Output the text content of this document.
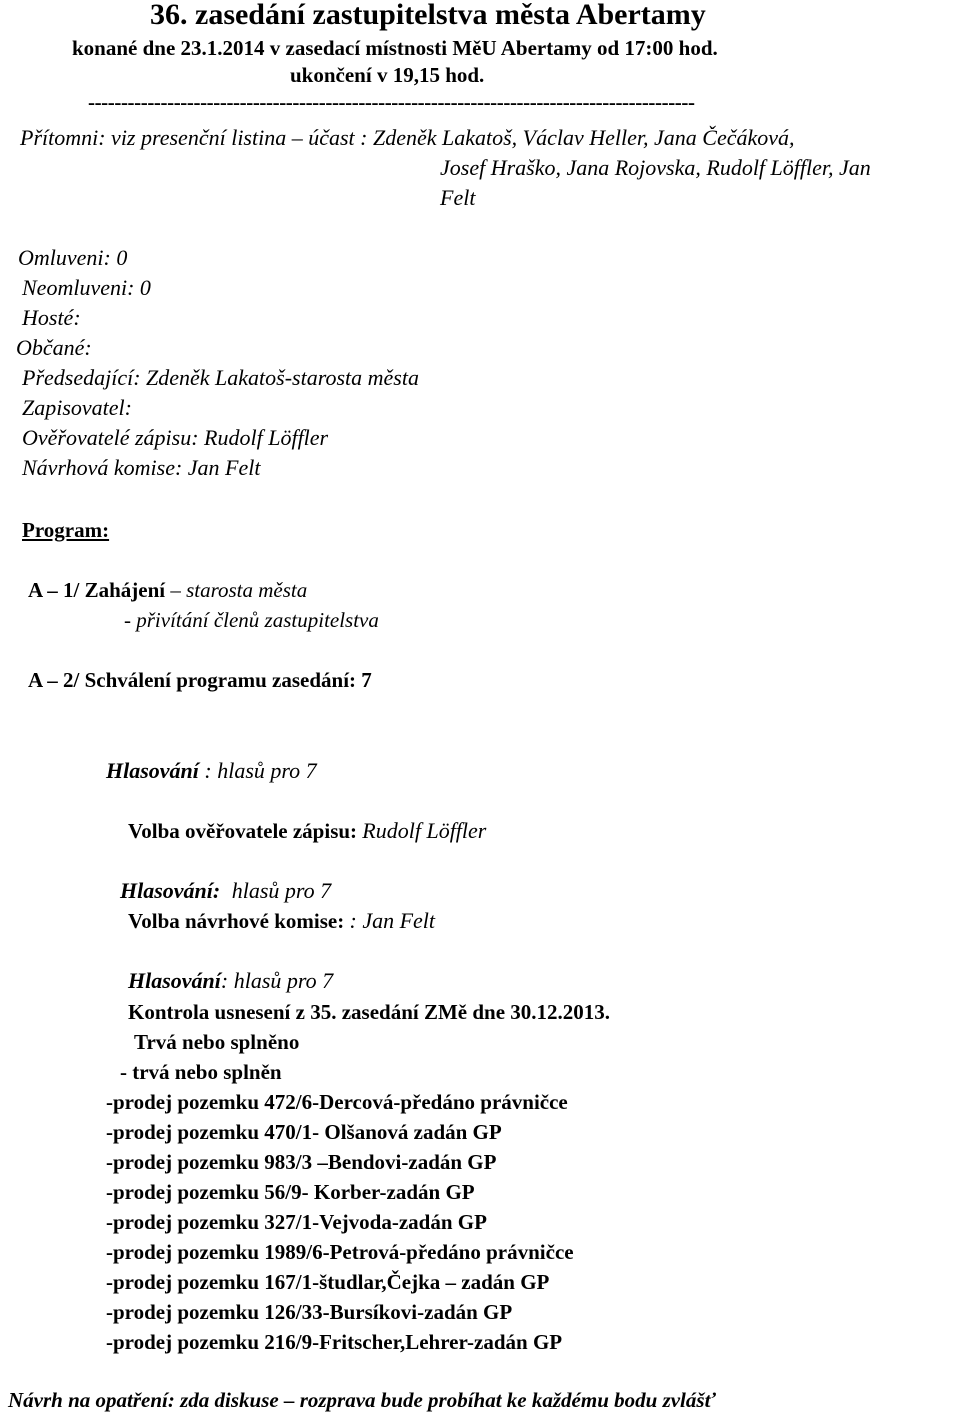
36. zasedání zastupitelstva města Abertamy
konané dne 23.1.2014 v zasedací místnosti MěU Abertamy od 17:00 hod.
ukončení v 19,15 hod.
--------------------------------------------------------------------------------------------
Přítomni: viz presenční listina – účast : Zdeněk Lakatoš, Václav Heller, Jana Čečáková,
Josef Hraško, Jana Rojovska, Rudolf Löffler, Jan
Felt
Omluveni: 0
Neomluveni: 0
Hosté:
Občané:
Předsedající: Zdeněk Lakatoš-starosta města
Zapisovatel:
Ověřovatelé zápisu: Rudolf Löffler
Návrhová komise: Jan Felt
Program:
A – 1/ Zahájení – starosta města
- přivítání členů zastupitelstva
A – 2/ Schválení programu zasedání: 7
Hlasování : hlasů pro 7
Volba ověřovatele zápisu: Rudolf Löffler
Hlasování: hlasů pro 7
Volba návrhové komise: : Jan Felt
Hlasování: hlasů pro 7
Kontrola usnesení z 35. zasedání ZMě dne 30.12.2013.
Trvá nebo splněno
- trvá nebo splněn
-prodej pozemku 472/6-Dercová-předáno právničce
-prodej pozemku 470/1- Olšanová zadán GP
-prodej pozemku 983/3 –Bendovi-zadán GP
-prodej pozemku 56/9- Korber-zadán GP
-prodej pozemku 327/1-Vejvoda-zadán GP
-prodej pozemku 1989/6-Petrová-předáno právničce
-prodej pozemku 167/1-študlar,Čejka – zadán GP
-prodej pozemku 126/33-Bursíkovi-zadán GP
-prodej pozemku 216/9-Fritscher,Lehrer-zadán GP
Návrh na opatření: zda diskuse – rozprava bude probíhat ke každému bodu zvlášť
